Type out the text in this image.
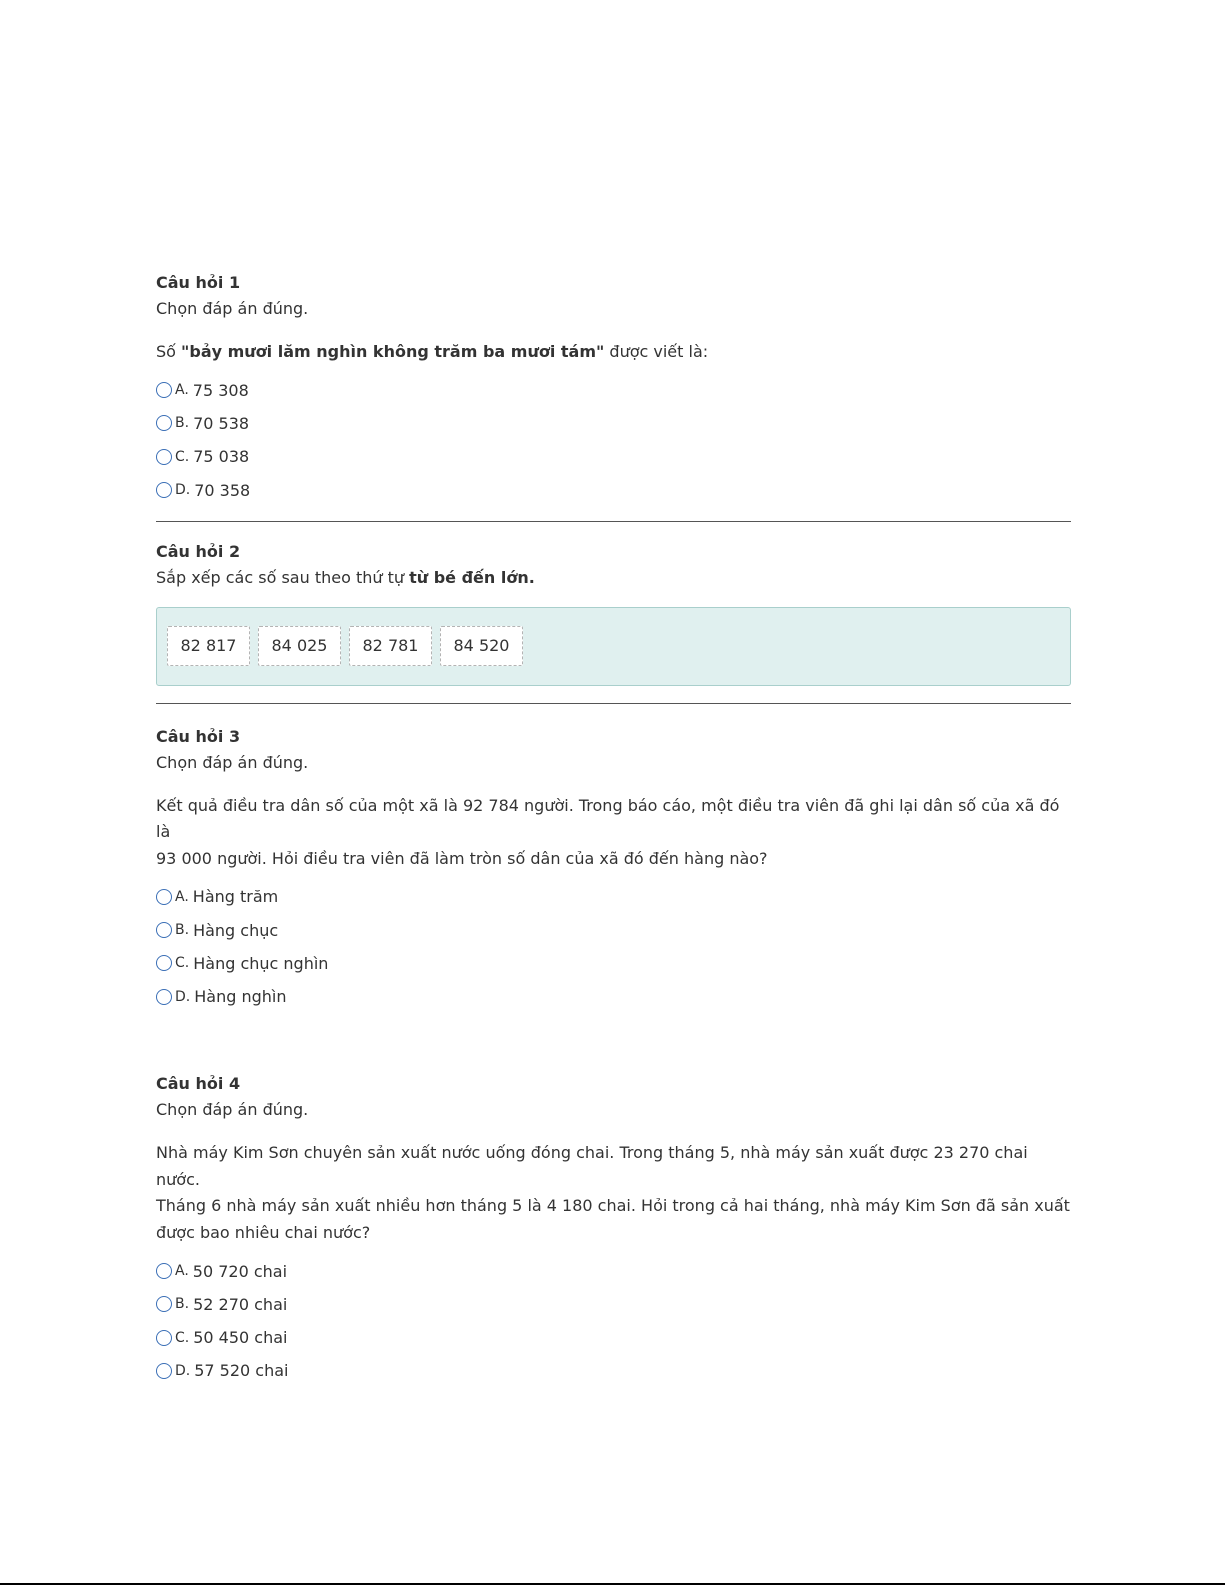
Câu hỏi 1
Chọn đáp án đúng.
Số "bảy mươi lăm nghìn không trăm ba mươi tám" được viết là:
A. 75 308
B. 70 538
C. 75 038
D. 70 358
Câu hỏi 2
Sắp xếp các số sau theo thứ tự từ bé đến lớn.
82 817	84 025	82 781	84 520
Câu hỏi 3
Chọn đáp án đúng.
Kết quả điều tra dân số của một xã là 92 784 người. Trong báo cáo, một điều tra viên đã ghi lại dân số của xã đó là
93 000 người. Hỏi điều tra viên đã làm tròn số dân của xã đó đến hàng nào?
A. Hàng trăm
B. Hàng chục
C. Hàng chục nghìn
D. Hàng nghìn
Câu hỏi 4
Chọn đáp án đúng.
Nhà máy Kim Sơn chuyên sản xuất nước uống đóng chai. Trong tháng 5, nhà máy sản xuất được 23 270 chai nước.
Tháng 6 nhà máy sản xuất nhiều hơn tháng 5 là 4 180 chai. Hỏi trong cả hai tháng, nhà máy Kim Sơn đã sản xuất
được bao nhiêu chai nước?
A. 50 720 chai
B. 52 270 chai
C. 50 450 chai
D. 57 520 chai
